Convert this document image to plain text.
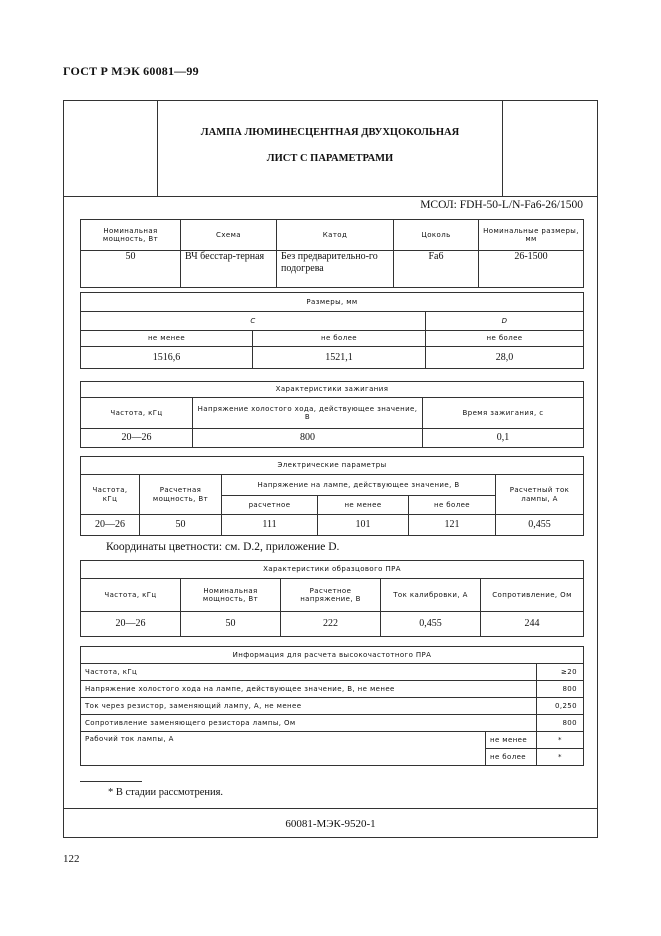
ГОСТ Р МЭК 60081—99
ЛАМПА ЛЮМИНЕСЦЕНТНАЯ ДВУХЦОКОЛЬНАЯ
ЛИСТ С ПАРАМЕТРАМИ
МСОЛ: FDH-50-L/N-Fa6-26/1500
Номинальная мощность, Вт	Схема	Катод	Цоколь	Номинальные размеры, мм
50	ВЧ бесстар-терная	Без предварительно-го подогрева	Fa6	26-1500
Размеры, мм		
C		D
не менее	не более	не более
1516,6	1521,1	28,0
Характеристики зажигания		
Частота, кГц	Напряжение холостого хода, действующее значение, В	Время зажигания, с
20—26	800	0,1
Электрические параметры					
Частота, кГц	Расчетная мощность, Вт	Напряжение на лампе, действующее значение, В			Расчетный ток лампы, А
		расчетное	не менее	не более	
20—26	50	111	101	121	0,455
Координаты цветности: см. D.2, приложение D.
Характеристики образцового ПРА				
Частота, кГц	Номинальная мощность, Вт	Расчетное напряжение, В	Ток калибровки, А	Сопротивление, Ом
20—26	50	222	0,455	244
Информация для расчета высокочастотного ПРА		
Частота, кГц		≥20
Напряжение холостого хода на лампе, действующее значение, В, не менее		800
Ток через резистор, заменяющий лампу, А, не менее		0,250
Сопротивление заменяющего резистора лампы, Ом		800
Рабочий ток лампы, А	не менее	*
	не более	*
* В стадии рассмотрения.
60081-МЭК-9520-1
122
